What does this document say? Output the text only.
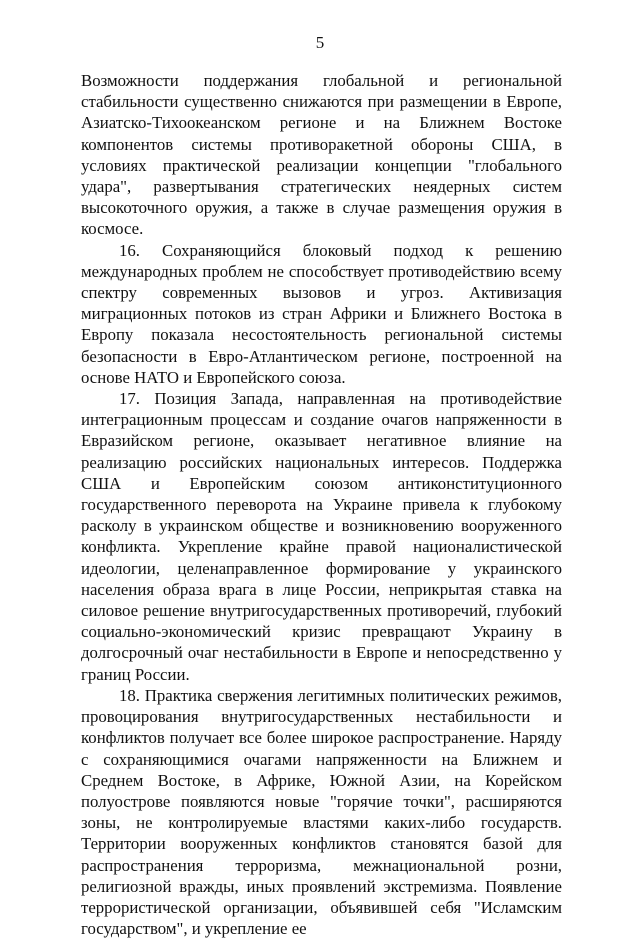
5

Возможности поддержания глобальной и региональной стабильности существенно снижаются при размещении в Европе, Азиатско-Тихоокеанском регионе и на Ближнем Востоке компонентов системы противоракетной обороны США, в условиях практической реализации концепции "глобального удара", развертывания стратегических неядерных систем высокоточного оружия, а также в случае размещения оружия в космосе.

16. Сохраняющийся блоковый подход к решению международных проблем не способствует противодействию всему спектру современных вызовов и угроз. Активизация миграционных потоков из стран Африки и Ближнего Востока в Европу показала несостоятельность региональной системы безопасности в Евро-Атлантическом регионе, построенной на основе НАТО и Европейского союза.

17. Позиция Запада, направленная на противодействие интеграционным процессам и создание очагов напряженности в Евразийском регионе, оказывает негативное влияние на реализацию российских национальных интересов. Поддержка США и Европейским союзом антиконституционного государственного переворота на Украине привела к глубокому расколу в украинском обществе и возникновению вооруженного конфликта. Укрепление крайне правой националистической идеологии, целенаправленное формирование у украинского населения образа врага в лице России, неприкрытая ставка на силовое решение внутригосударственных противоречий, глубокий социально-экономический кризис превращают Украину в долгосрочный очаг нестабильности в Европе и непосредственно у границ России.

18. Практика свержения легитимных политических режимов, провоцирования внутригосударственных нестабильности и конфликтов получает все более широкое распространение. Наряду с сохраняющимися очагами напряженности на Ближнем и Среднем Востоке, в Африке, Южной Азии, на Корейском полуострове появляются новые "горячие точки", расширяются зоны, не контролируемые властями каких-либо государств. Территории вооруженных конфликтов становятся базой для распространения терроризма, межнациональной розни, религиозной вражды, иных проявлений экстремизма. Появление террористической организации, объявившей себя "Исламским государством", и укрепление ее
